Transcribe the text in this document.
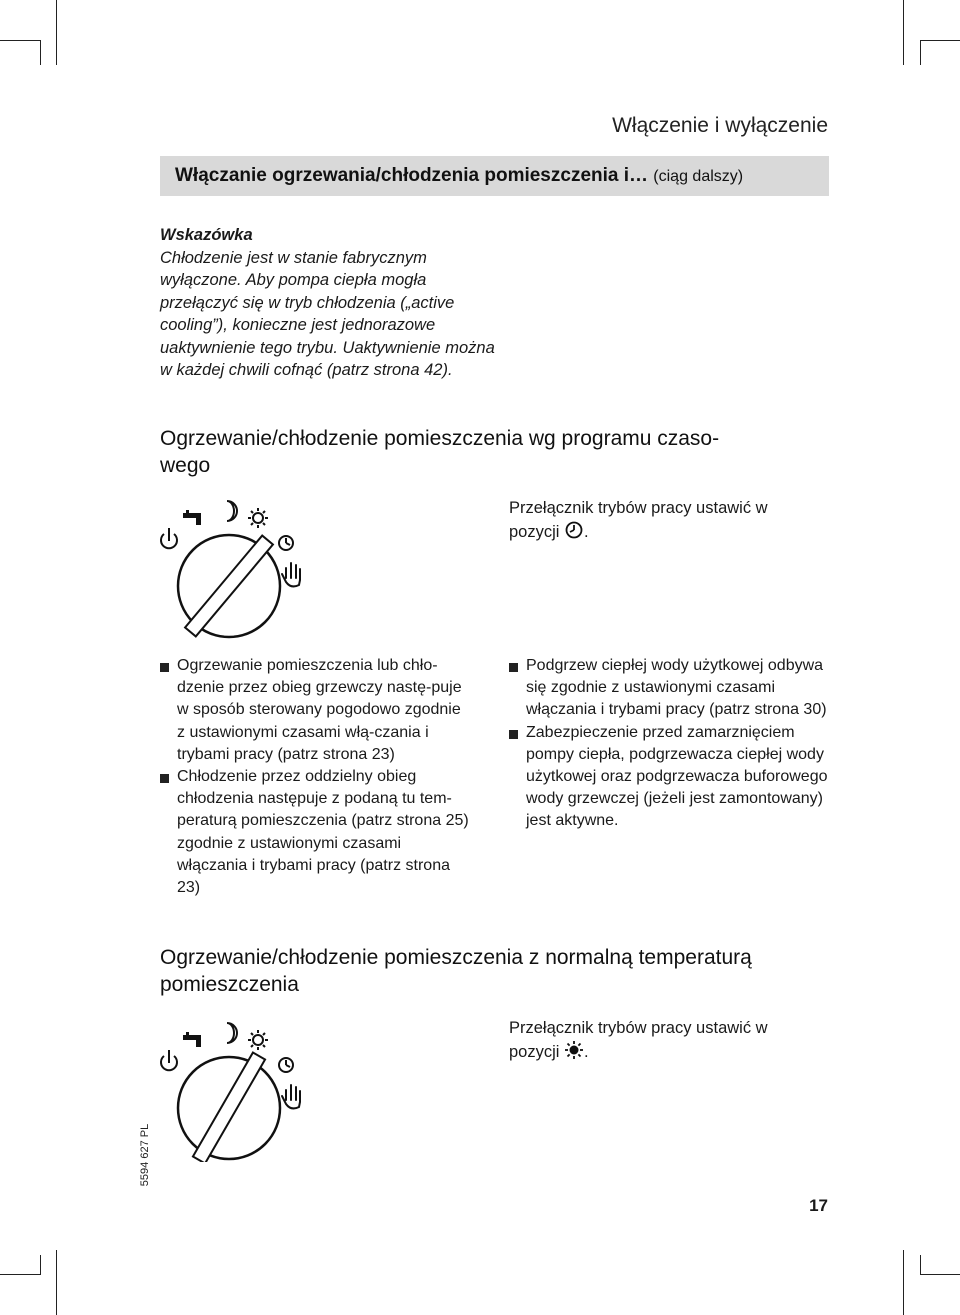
Włączenie i wyłączenie
Włączanie ogrzewania/chłodzenia pomieszczenia i… (ciąg dalszy)
Wskazówka
Chłodzenie jest w stanie fabrycznym wyłączone. Aby pompa ciepła mogła przełączyć się w tryb chłodzenia („active cooling”), konieczne jest jednorazowe uaktywnienie tego trybu. Uaktywnienie można w każdej chwili cofnąć (patrz strona 42).
Ogrzewanie/chłodzenie pomieszczenia wg programu czaso-
wego
Przełącznik trybów pracy ustawić w
pozycji .
Ogrzewanie pomieszczenia lub chło-dzenie przez obieg grzewczy nastę-puje w sposób sterowany pogodowo zgodnie z ustawionymi czasami włą-czania i trybami pracy (patrz strona 23)
Chłodzenie przez oddzielny obieg chłodzenia następuje z podaną tu tem-peraturą pomieszczenia (patrz strona 25) zgodnie z ustawionymi czasami włączania i trybami pracy (patrz strona 23)
Podgrzew ciepłej wody użytkowej odbywa się zgodnie z ustawionymi czasami włączania i trybami pracy (patrz strona 30)
Zabezpieczenie przed zamarznięciem pompy ciepła, podgrzewacza ciepłej wody użytkowej oraz podgrzewacza buforowego wody grzewczej (jeżeli jest zamontowany) jest aktywne.
Ogrzewanie/chłodzenie pomieszczenia z normalną temperaturą
pomieszczenia
Przełącznik trybów pracy ustawić w
pozycji .
5594 627 PL
17
